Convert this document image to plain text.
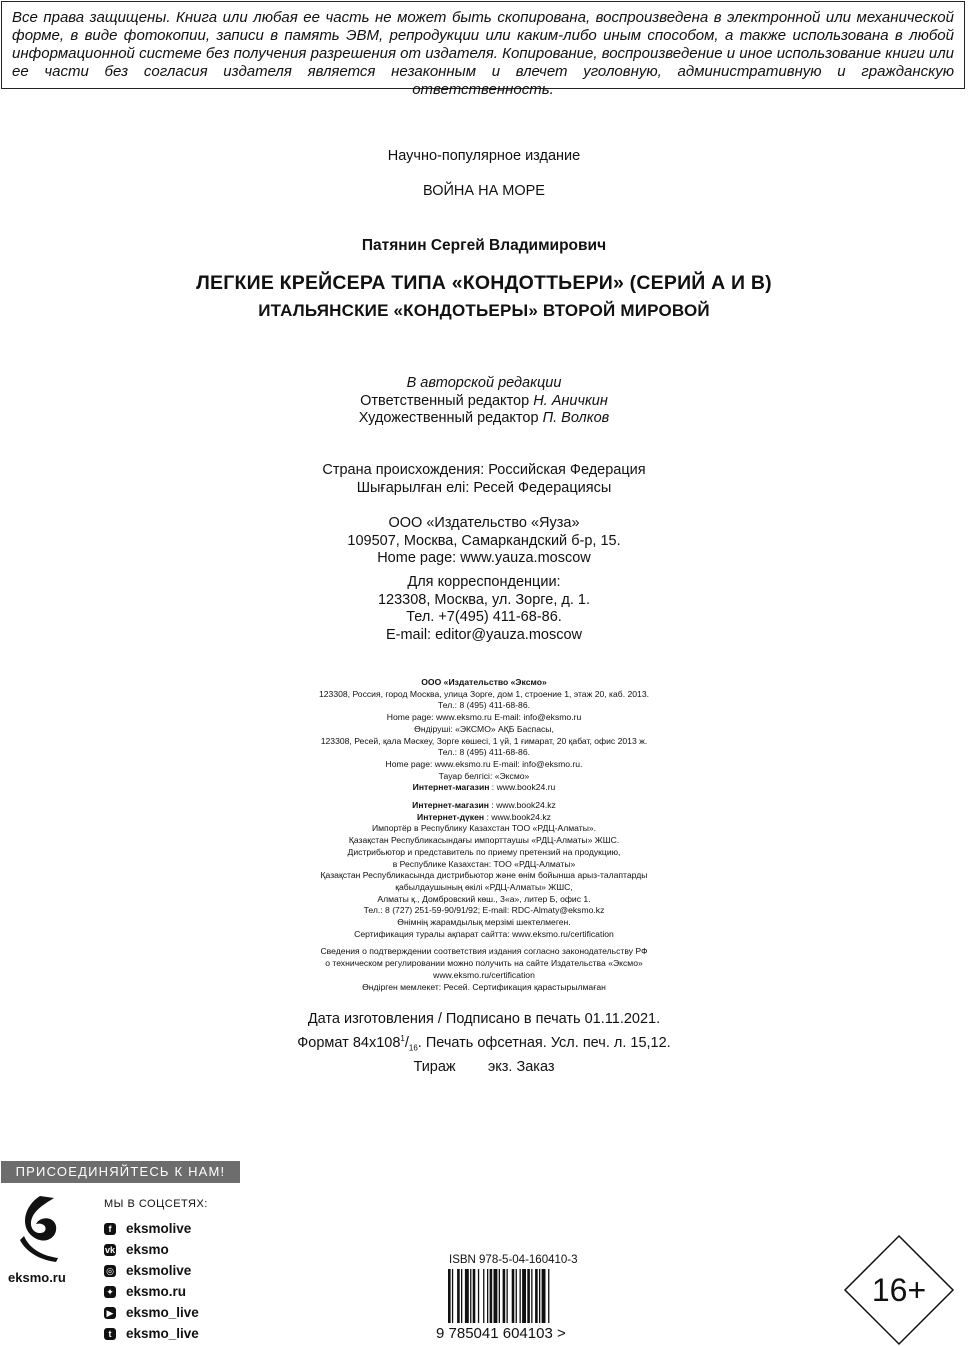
Все права защищены. Книга или любая ее часть не может быть скопирована, воспроизведена в электронной или механической форме, в виде фотокопии, записи в память ЭВМ, репродукции или каким-либо иным способом, а также использована в любой информационной системе без получения разрешения от издателя. Копирование, воспроизведение и иное использование книги или ее части без согласия издателя является незаконным и влечет уголовную, административную и гражданскую ответственность.
Научно-популярное издание
ВОЙНА НА МОРЕ
Патянин Сергей Владимирович
ЛЕГКИЕ КРЕЙСЕРА ТИПА «КОНДОТТЬЕРИ» (СЕРИЙ А И B)
ИТАЛЬЯНСКИЕ «КОНДОТЬЕРЫ» ВТОРОЙ МИРОВОЙ
В авторской редакции
Ответственный редактор Н. Аничкин
Художественный редактор П. Волков
Страна происхождения: Российская Федерация
Шығарылған елі: Ресей Федерациясы
ООО «Издательство «Яуза»
109507, Москва, Самаркандский б-р, 15.
Home page: www.yauza.moscow
Для корреспонденции:
123308, Москва, ул. Зорге, д. 1.
Тел. +7(495) 411-68-86.
E-mail: editor@yauza.moscow
ООО «Издательство «Эксмо»
123308, Россия, город Москва, улица Зорге, дом 1, строение 1, этаж 20, каб. 2013.
Тел.: 8 (495) 411-68-86.
Home page: www.eksmo.ru E-mail: info@eksmo.ru
Өндіруші: «ЭКСМО» АҚБ Баспасы,
123308, Ресей, қала Мәскеу, Зорге көшесі, 1 үй, 1 ғимарат, 20 қабат, офис 2013 ж.
Тел.: 8 (495) 411-68-86.
Home page: www.eksmo.ru E-mail: info@eksmo.ru.
Тауар белгісі: «Эксмо»
Интернет-магазин : www.book24.ru
Интернет-магазин : www.book24.kz
Интернет-дүкен : www.book24.kz
Импортёр в Республику Казахстан ТОО «РДЦ-Алматы».
Қазақстан Республикасындағы импорттаушы «РДЦ-Алматы» ЖШС.
Дистрибьютор и представитель по приему претензий на продукцию,
в Республике Казахстан: ТОО «РДЦ-Алматы»
Қазақстан Республикасында дистрибьютор және өнім бойынша арыз-талаптарды
қабылдаушының өкілі «РДЦ-Алматы» ЖШС,
Алматы қ., Домбровский көш., 3«а», литер Б, офис 1.
Тел.: 8 (727) 251-59-90/91/92; E-mail: RDC-Almaty@eksmo.kz
Өнімнің жарамдылық мерзімі шектелмеген.
Сертификация туралы ақпарат сайтта: www.eksmo.ru/certification
Сведения о подтверждении соответствия издания согласно законодательству РФ
о техническом регулировании можно получить на сайте Издательства «Эксмо»
www.eksmo.ru/certification
Өндірген мемлекет: Ресей. Сертификация қарастырылмаған
Дата изготовления / Подписано в печать 01.11.2021.
Формат $84x108^1/_{16}$. Печать офсетная. Усл. печ. л. 15,12.
Тираж        экз. Заказ
ПРИСОЕДИНЯЙТЕСЬ К НАМ!
eksmo.ru
МЫ В СОЦСЕТЯХ:
f	eksmolive
vk eksmo
◎ eksmolive
✦ eksmo.ru
▶ eksmo_live
t	eksmo_live
ISBN 978-5-04-160410-3
9 785041 604103 >
16+
